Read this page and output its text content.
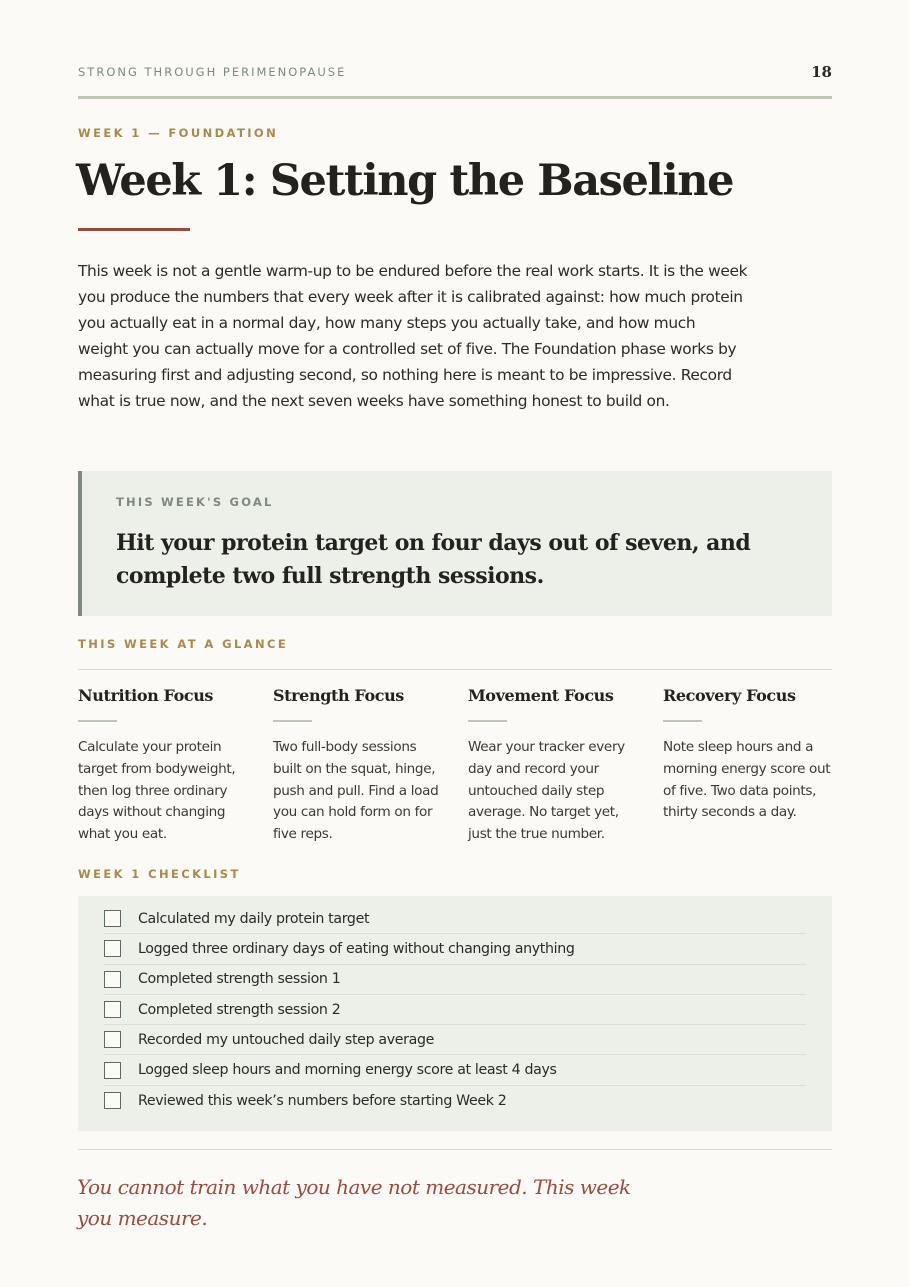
STRONG THROUGH PERIMENOPAUSE	18
WEEK 1 — FOUNDATION
Week 1: Setting the Baseline

This week is not a gentle warm-up to be endured before the real work starts. It is the week you produce the numbers that every week after it is calibrated against: how much protein you actually eat in a normal day, how many steps you actually take, and how much weight you can actually move for a controlled set of five. The Foundation phase works by measuring first and adjusting second, so nothing here is meant to be impressive. Record what is true now, and the next seven weeks have something honest to build on.

THIS WEEK'S GOAL
Hit your protein target on four days out of seven, and complete two full strength sessions.
THIS WEEK AT A GLANCE
Nutrition Focus
Calculate your protein target from bodyweight, then log three ordinary days without changing what you eat.
Strength Focus
Two full-body sessions built on the squat, hinge, push and pull. Find a load you can hold form on for five reps.
Movement Focus
Wear your tracker every day and record your untouched daily step average. No target yet, just the true number.
Recovery Focus
Note sleep hours and a morning energy score out of five. Two data points, thirty seconds a day.
WEEK 1 CHECKLIST
Calculated my daily protein target
Logged three ordinary days of eating without changing anything
Completed strength session 1
Completed strength session 2
Recorded my untouched daily step average
Logged sleep hours and morning energy score at least 4 days
Reviewed this week’s numbers before starting Week 2

You cannot train what you have not measured. This week you measure.
